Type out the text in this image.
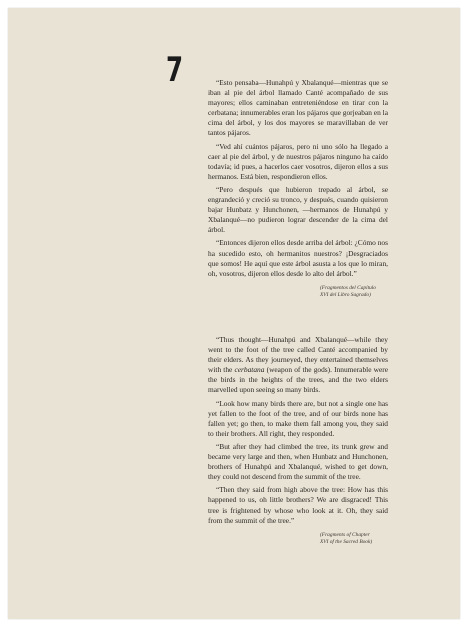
7	“Esto pensaba—Hunahpú y Xbalanqué—mientras que se iban al pie del árbol llamado Canté acompañado de sus mayores; ellos caminaban entreteniéndose en tirar con la cerbatana; innumerables eran los pájaros que gorjeaban en la cima del árbol, y los dos mayores se maravillaban de ver tantos pájaros.

“Ved ahí cuántos pájaros, pero ni uno sólo ha llegado a caer al pie del árbol, y de nuestros pájaros ninguno ha caído todavía; id pues, a hacerlos caer vosotros, dijeron ellos a sus hermanos. Está bien, respondieron ellos.

“Pero después que hubieron trepado al árbol, se engrandeció y creció su tronco, y después, cuando quisieron bajar Hunbatz y Hunchonen, —hermanos de Hunahpú y Xbalanqué—no pudieron lograr descender de la cima del árbol.

“Entonces dijeron ellos desde arriba del árbol: ¿Cómo nos ha sucedido esto, oh hermanitos nuestros? ¡Desgraciados que somos! He aquí que este árbol asusta a los que lo miran, oh, vosotros, dijeron ellos desde lo alto del árbol.”

(Fragmentos del Capítulo
XVI del Libro Sagrado)

“Thus thought—Hunahpú and Xbalanqué—while they went to the foot of the tree called Canté accompanied by their elders. As they journeyed, they entertained themselves with the cerbatana (weapon of the gods). Innumerable were the birds in the heights of the trees, and the two elders marvelled upon seeing so many birds.

“Look how many birds there are, but not a single one has yet fallen to the foot of the tree, and of our birds none has fallen yet; go then, to make them fall among you, they said to their brothers. All right, they responded.

“But after they had climbed the tree, its trunk grew and became very large and then, when Hunbatz and Hunchonen, brothers of Hunahpú and Xbalanqué, wished to get down, they could not descend from the summit of the tree.

“Then they said from high above the tree: How has this happened to us, oh little brothers? We are disgraced! This tree is frightened by whose who look at it. Oh, they said from the summit of the tree.”

(Fragments of Chapter
XVI of the Sacred Book)
